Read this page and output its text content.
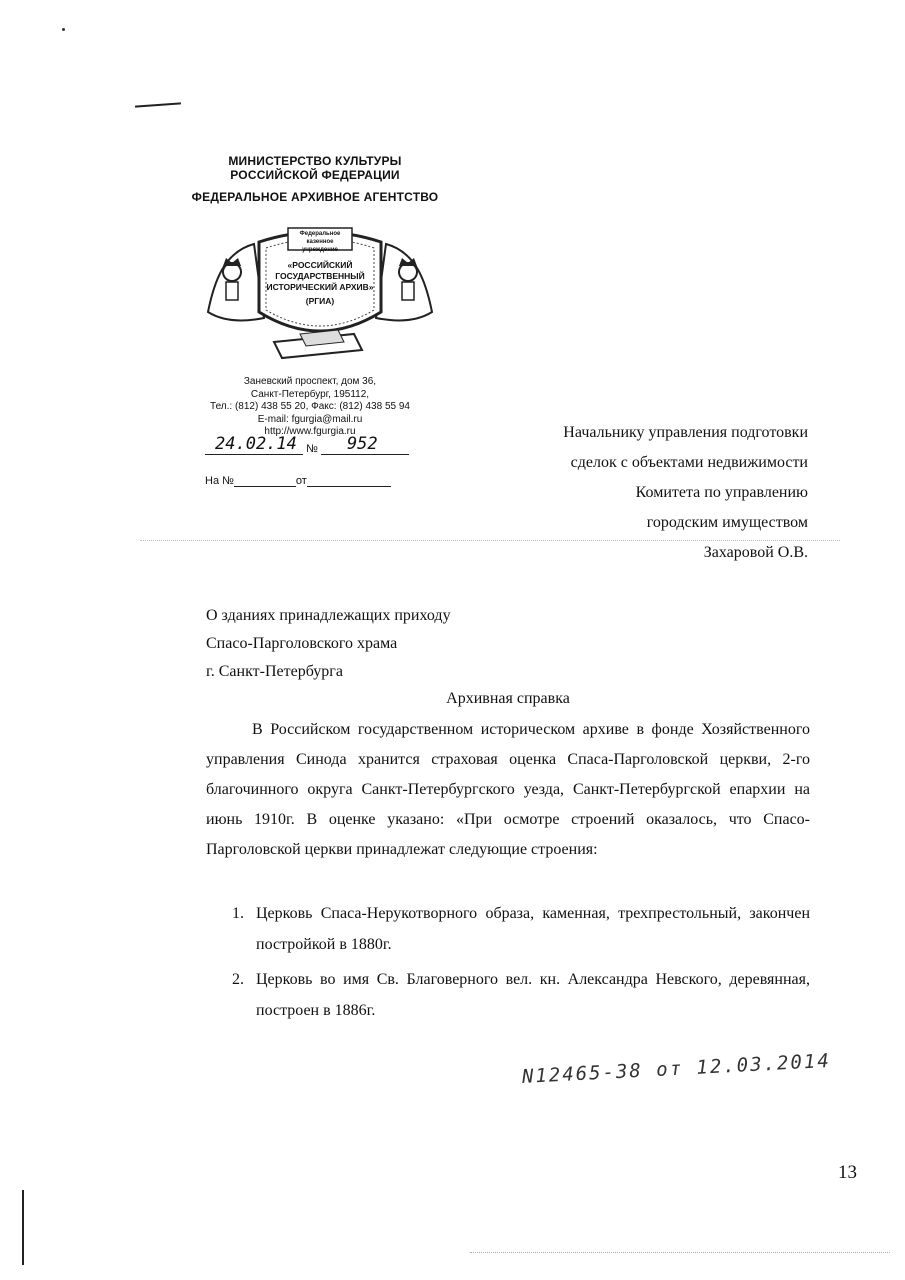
МИНИСТЕРСТВО КУЛЬТУРЫ
РОССИЙСКОЙ ФЕДЕРАЦИИ
ФЕДЕРАЛЬНОЕ АРХИВНОЕ АГЕНТСТВО
Федеральное
казенное учреждение
«РОССИЙСКИЙ
ГОСУДАРСТВЕННЫЙ
ИСТОРИЧЕСКИЙ АРХИВ»
(РГИА)
Заневский проспект, дом 36,
Санкт-Петербург, 195112,
Тел.: (812) 438 55 20, Факс: (812) 438 55 94
E-mail: fgurgia@mail.ru
http://www.fgurgia.ru
24.02.14 № 952
На №	от
Начальнику управления подготовки
сделок с объектами недвижимости
Комитета по управлению
городским имуществом
Захаровой О.В.
О зданиях принадлежащих приходу
Спасо-Парголовского храма
г. Санкт-Петербурга
Архивная справка
В Российском государственном историческом архиве в фонде Хозяйственного управления Синода хранится страховая оценка Спаса-Парголовской церкви, 2-го благочинного округа Санкт-Петербургского уезда, Санкт-Петербургской епархии на июнь 1910г. В оценке указано: «При осмотре строений оказалось, что Спасо-Парголовской церкви принадлежат следующие строения:
1. Церковь Спаса-Нерукотворного образа, каменная, трехпрестольный, закончен постройкой в 1880г.
2. Церковь во имя Св. Благоверного вел. кн. Александра Невского, деревянная, построен в 1886г.
N12465-38 от 12.03.2014
13
